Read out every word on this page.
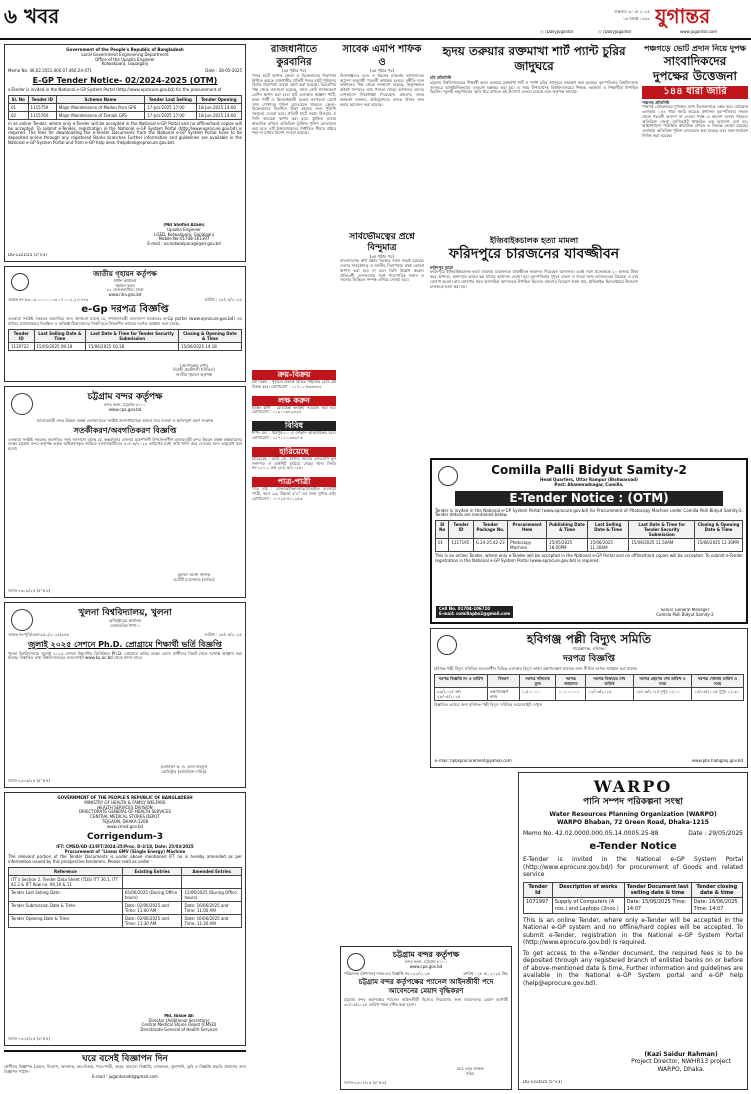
৬ খবর	শুক্রবার ৩০ মে ২০২৫
১৬ জ্যৈষ্ঠ ১৪৩২ যুগান্তর
ⓕ /DailyJugantor	ⓧ /DailyJugantor	www.jugantor.com
Government of the People's Republic of Bangladesh
Local Government Engineering Department
Office of the Upazila Engineer
Kotwalipara, Gopalganj
Memo No. 46.02.3551.000.07.466.24-471	Date : 28-05-2025
E-GP Tender Notice- 02/2024-2025 (OTM)
e-Tender is invited in the National e-GP System Portal (http://www.eprocure.gov.bd) for the procurement of
Sl. No	Tender ID	Scheme Name	Tender Last Selling	Tender Opening
01	1115759	Major Maintenance of Madon Para GPS	17-Jun-2025 17:00	18-Jun-2025 14:00
02	1115760	Major Maintenance of Tamaik GPS	17-Jun-2025 17:00	18-Jun-2025 14:00
in as online Tender, where only e-Tender will be accepted in the National e-GP Portal and no offline/hard copies will be accepted. To submit e-Tender, registration in the National e-GP System Portal (http://www.eprocure.gov.bd) is required. The fees for downloading the e-Tender Documents from the National e-GP System Portal have to be deposited online through any registered Banks branches Further information and guidelines are available in the National e-GP System Portal and from e-GP help desk (helpdesk@eprocure.gov.bd).
(Md Shofiul Azam)
Upazila Engineer
LGED, Kotwalipara, Gopalganj
Mobile No-01708-161397
E-mail : ue.kotwalipara@lged.gov.bd
DG-1321/25 (3"×3)
জাতীয় গৃহায়ন কর্তৃপক্ষ
প্রধান কার্যালয়
গৃহায়ন ভবন
৮২ সেগুনবাগিচা, ঢাকা
www.nha.gov.bd
স্মারক নং-৫৩.০৯.০০০০.০০৬.০৭.০০২.২২-৭৭৩	তারিখ : ২৮/০৫/২০২৫
e-Gp দরপত্র বিজ্ঞপ্তি
এতদ্বারা সংশ্লিষ্ট সকলের অবগতির জন্য জানানো যাচ্ছে যে, গণপ্রজাতন্ত্রী বাংলাদেশ সরকারের e-Gp portal (www.eprocure.gov.bd) এর মাধ্যমে যথাযথভাবে নিবন্ধিত ও অভিজ্ঞ ঠিকাদারদের নিকট হতে নিম্নবর্ণিত কাজের দরপত্র আহ্বান করা যাচ্ছে।
Tender ID	Last Selling Date & Time	Last Date & Time for Tender Security Submission	Closing & Opening Date & Time
1120722	15/05/2025 09:18	15/06/2025 10:18	15/06/2025 14:18
(আসাদুল্লাহ শেখ)
নির্বাহী প্রকৌশলী (সিভিল)
জাতীয় গৃহায়ন কর্তৃপক্ষ
চট্টগ্রাম বন্দর কর্তৃপক্ষ
বন্দর ভবন, চট্টগ্রাম-৪১০০
www.cpa.gov.bd
ম্যাতারবাড়ী বন্দর উন্নয়ন প্রকল্প এলাকা হতে সংশ্লিষ্ট জনসাধারণকে অন্যত্র সরে যাওয়া ও ক্ষতিপূরণ গ্রহণ সংক্রান্ত
সতর্কীকরণ/অবগতিকরণ বিজ্ঞপ্তি
এতদ্বারা সংশ্লিষ্ট সকলের অবগতির জন্য জানানো যাচ্ছে যে, কক্সবাজার জেলার মহেশখালী উপজেলাধীন মাতারবাড়ী বন্দর উন্নয়ন প্রকল্প বাস্তবায়নের লক্ষ্যে চট্টগ্রাম বন্দর কর্তৃপক্ষ কর্তৃক অধিগ্রহণকৃত জমিতে বসবাসকারীদের ৩০/০৬/২০২৫ তারিখের মধ্যে জমি খালি করে দেওয়ার জন্য অনুরোধ করা হলো।
মুহাম্মদ আলী সিদ্দিক
এস্টেট ম্যানেজার (অতিঃ)
ডিজি-২৩০৯/২৫ (৫"×৩)
খুলনা বিশ্ববিদ্যালয়, খুলনা
রেজিস্ট্রারের কার্যালয়
একাডেমিক শাখা-১
স্মারক নং-খুবি/একা-৯৫১/২০২৫/৯৪৬	তারিখ : ২৫/০৫/২০২৫
জুলাই ২০২৫ সেশনে Ph.D. প্রোগ্রামে শিক্ষার্থী ভর্তি বিজ্ঞপ্তি
খুলনা বিশ্ববিদ্যালয়ে জুলাই ২০২৫ সেশনে নিম্নবর্ণিত ডিসিপ্লিনে Ph.D. প্রোগ্রামে ভর্তির লক্ষ্যে যোগ্য প্রার্থীদের নিকট থেকে দরখাস্ত আহ্বান করা যাচ্ছে। বিস্তারিত তথ্য বিশ্ববিদ্যালয়ের ওয়েবসাইট www.ku.ac.bd থেকে জানা যাবে।
(মোহাম্মদ ছ. এ. আল মাহমুদ)
রেজিস্ট্রার (অতিরিক্ত দায়িত্ব)
ডিজি-২৩১৬/২৫ (৫"×৫)
GOVERNMENT OF THE PEOPLE'S REPUBLIC OF BANGLADESH
MINISTRY OF HEALTH & FAMILY WELFARE
HEALTH SERVICES DIVISION
DIRECTORATE GENERAL OF HEALTH SERVICES
CENTRAL MEDICAL STORES DEPOT
TEJGAON, DHAKA-1208
www.cmsd.gov.bd
Corrigendum-3
IFT: CMSD/GD-31/IFT/2024-25/Proc. D-3/18, Date: 25/03/2025
Procurement of "Linear 6MV (Single Energy) Machine
The relevant portion of the Tender Documents is under above mentioned IFT no is hereby amended as per information issued by this prospective tenderers. Please read as under -
Reference	Existing Entries	Amended Entries
ITT's Section 2. Tender Data Sheet (TDS) ITT 36.1, ITT 42.2 & IFT Row no. 09,10 & 11		
Tender Last Selling Date:	05/06/2025 (During Office hours)	15/06/2025 (During Office hours)
Tender Submission Date & Time:	Date: 02/06/2025 and Time: 11:00 AM	Date: 16/06/2025 and Time: 11:00 AM
Tender Opening Date & Time:	Date: 02/06/2025 and Time: 11:30 AM	Date: 16/06/2025 and Time: 11:30 AM
Md. Ibaue Ali
Director (Additional Secretary)
Central Medical Stores Depot (CMSD)
Directorate General of Health Services
ডিজি-১৩১৪/২৫ (৩"×৫)
ঘরে বসেই বিজ্ঞাপন দিন
শ্রেণীবদ্ধ বিজ্ঞাপন (যেমন, নিয়োগ, আবশ্যক, ক্রয়-বিক্রয়, পাত্র-পাত্রী, ভাড়া, হারানো বিজ্ঞপ্তি, শোকসভা, কুলখানি, কুরি ও বিজ্ঞপ্তি প্রভৃতি প্রকাশের জন্য বিজ্ঞাপন পাঠান।
E-mail : jugantoradd@gmail.com
রাজধানীতে কুরবানির
(৩য় পৃষ্ঠার পর)
পশুর হাটে আগত ক্রেতা ও বিক্রেতাদের নিরাপত্তা নিশ্চিত করতে রাজধানীর প্রতিটি পশুর হাটে পুলিশের বিশেষ নিরাপত্তা ব্যবস্থা গ্রহণ করা হয়েছে। ডিএমপির পক্ষ থেকে জানানো হয়েছে, জাল নোট শনাক্তকরণ মেশিন স্থাপন করা হবে। হাট এলাকায় অজ্ঞান পার্টি, মলম পার্টি ও ছিনতাইকারী চক্রের তৎপরতা রোধে সাদা পোশাকে পুলিশ মোতায়েন থাকবে। ক্রেতা-বিক্রেতাদের নিরাপদে টাকা বহনের জন্য পুলিশি সহায়তা দেওয়া হবে। প্রতিটি হাটে ওয়াচ টাওয়ার ও সিসি ক্যামেরা স্থাপন করা হবে। ট্রাফিক ব্যবস্থা স্বাভাবিক রাখতে অতিরিক্ত ট্রাফিক পুলিশ মোতায়েন করা হবে। হাট ইজারাদারদের নির্ধারিত সীমার বাইরে পশু না রাখার নির্দেশ দেওয়া হয়েছে।
সাবেক এমপি শফিক ও
(৩য় পৃষ্ঠার পর)
বিশেষজ্ঞদের মতে এ ধরনের মামলায় আদালতের আদেশ অনুযায়ী পরবর্তী কার্যক্রম চলবে। দুর্নীতি দমন কমিশনের পক্ষ থেকে জানানো হয়েছে, অনুসন্ধানে অবৈধ সম্পদের তথ্য পাওয়া গেছে। আদালত তাদের দেশত্যাগে নিষেধাজ্ঞা দিয়েছেন। মামলার তদন্ত কর্মকর্তা জানান, অভিযুক্তদের ব্যাংক হিসাব জব্দ করার আবেদন করা হয়েছে।
সার্বভৌমত্বের প্রশ্নে বিন্দুমাত্র
(৩য় পৃষ্ঠার পর)
বাংলাদেশের স্বার্থ রক্ষায় সরকার সর্বদা সচেষ্ট রয়েছে। দেশের সার্বভৌমত্ব ও জাতীয় নিরাপত্তার প্রশ্নে কোনো আপস করা হবে না বলে তিনি উল্লেখ করেন। প্রতিবেশী দেশগুলোর সঙ্গে পারস্পরিক সম্মান ও সমতার ভিত্তিতে সম্পর্ক এগিয়ে নেওয়া হবে।
ক্রয়-বিক্রয়
প্লট বিক্রয় : পূর্বাচল প্রকল্পে বিভিন্ন সাইজের রেডি প্লট বিক্রয় হবে। যোগাযোগ : ০১৭১১-৫৬৩৪৬২
লক্ষ করুন
মিক্সিং প্লান্ট : রেডিমিক্স কংক্রিট সরবরাহ করা হয়। যোগাযোগ : ০১৯১১৩৪২৬২৩
বিবিধ
শপিং মল : মিরপুর-১০ এ দোকান ভাড়া/বিক্রয় হবে। যোগাযোগ : ০১৭১১-০৩৩২৭৩
হারিয়েছে
হারিয়েছে : আমি মো. হাসান, আমার এসএসসি মূল সনদপত্র ও মার্কশিট হারিয়ে গেছে। থানা জিডি নং-১২১০, তাং ২৮/০৫/২০২৫।
পাত্র-পাত্রী
পাত্র চাই : ডাক্তার/ইঞ্জিনিয়ার/প্রতিষ্ঠিত ব্যবসায়ী পাত্রী, বয়স ২৬, উচ্চতা ৫'৪" এর জন্য সুপাত্র চাই। যোগাযোগ : ০১৭২৪-৪১১২৫৬
চট্টগ্রাম বন্দর কর্তৃপক্ষ
বন্দর ভবন, চট্টগ্রাম-৪১০০
www.cpa.gov.bd
পরিচালক (প্রশাসন) দপ্তর-এর বিজ্ঞপ্তি নং-১২২/২০২৫	তারিখ : ২৮ মে, ২০২৫ খ্রিঃ
চট্টগ্রাম বন্দর কর্তৃপক্ষের প্যানেল আইনজীবী পদে আবেদনের মেয়াদ বৃদ্ধিকরণ
চট্টগ্রাম বন্দর কর্তৃপক্ষের প্যানেল আইনজীবী হিসেবে নিয়োগের জন্য আবেদনের মেয়াদ আগামী ৩০/০৬/২০২৫ তারিখ পর্যন্ত বর্ধিত করা হলো।
মোঃ ওমর ফারুক
সচিব
ডিজি-২৩০৭/২৫ (৩"×৩)
হৃদয় তরুয়ার রক্তমাখা শার্ট প্যান্ট চুরির জাদুঘরে
চবি প্রতিনিধি
চট্টগ্রাম বিশ্ববিদ্যালয়ের শিক্ষার্থী হৃদয় তরুয়ার রক্তমাখা শার্ট ও প্যান্ট চবির জাদুঘরে সংরক্ষণ করা হয়েছে। বৃহস্পতিবার বিশ্ববিদ্যালয় জাদুঘরে আনুষ্ঠানিকভাবে এগুলো হস্তান্তর করা হয়। এ সময় উপাচার্যসহ বিশ্ববিদ্যালয়ের শিক্ষক, কর্মকর্তা ও শিক্ষার্থীরা উপস্থিত ছিলেন। জুলাই অভ্যুত্থানের স্মৃতি ধরে রাখতে এই উদ্যোগ নেওয়া হয়েছে বলে কর্তৃপক্ষ জানায়।
ইজিবাইকচালক হত্যা মামলা
ফরিদপুরে চারজনের যাবজ্জীবন
ফরিদপুর ব্যুরো
ফরিদপুরে ইজিবাইকচালক হত্যা মামলায় চারজনকে যাবজ্জীবন কারাদণ্ড দিয়েছেন আদালত। একই সঙ্গে প্রত্যেককে ২০ হাজার টাকা করে অর্থদণ্ড, অনাদায়ে আরও ছয় মাসের কারাদণ্ড দেওয়া হয়। বৃহস্পতিবার দুপুরে জেলা ও দায়রা জজ আদালতের বিচারক এ রায় ঘোষণা করেন। রায় ঘোষণার সময় আসামিরা আদালতে উপস্থিত ছিলেন। মামলার বিবরণে জানা যায়, ইজিবাইক ছিনতাইয়ের উদ্দেশ্যে চালককে হত্যা করা হয়।
Comilla Palli Bidyut Samity-2
Head Quarters, Uttar Rampur (Bishwaroad)
Post: Ahammadnagar, Cumilla.
E-Tender Notice : (OTM)
Tender is invited in the National e-GP System Portal (www.eprocure.gov.bd) for Procurement of Photocopy Machine under Comilla Palli Bidyut Samity-2. Tender details are mentioned below.
Sl No	Tender ID	Tender Package No.	Procurement Item	Publishing Date & Time	Last Selling Date & Time	Last Date & Time for Tender Security Submission	Closing & Opening Date & Time
01	1117195	G.24-25.42-23	Photocopy Machine	25/05/2025 18.00PM	15/06/2025 11.30AM	15/06/2025 11.50AM	15/06/2025 12.30PM
This is an online Tender, where only e-Tender will be accepted in the National e-GP Portal and no offline/hard copies will be accepted. To submit e-Tender registration in the National e-GP System Portal (www.eprocure.gov.bd) is required.
Cell No. 01704-106710
E-mail: comillapbs2@gmail.com
Senior General Manager
Comilla Palli Bidyut Samity-2
হবিগঞ্জ পল্লী বিদ্যুৎ সমিতি
শায়েস্তাগঞ্জ, হবিগঞ্জ।
দরপত্র বিজ্ঞপ্তি
হবিগঞ্জ পল্লী বিদ্যুৎ সমিতির আওতাধীন বিভিন্ন এলাকায় বিদ্যুৎ লাইন রক্ষণাবেক্ষণ কাজের জন্য সীমিত দরপত্র আহ্বান করা যাচ্ছে।
দরপত্র বিজ্ঞপ্তি নং ও তারিখ	বিবরণ	দরপত্র দলিলের মূল্য	দরপত্র জামানত	দরপত্র বিক্রয়ের শেষ তারিখ	দরপত্র গ্রহণের শেষ তারিখ ও সময়	দরপত্র খোলার তারিখ ও সময়
৯৯/২০২৫ তাং ২৮/০৫/২০২৫	রক্ষণাবেক্ষণ কাজ	১,৫০০.০০	১০,০০০.০০	১২/০৬/২০২৫	১৫/০৬/২০২৫ দুপুর ১২:০০	১৫/০৬/২০২৫ দুপুর ১২:৩০
বিস্তারিত তথ্যের জন্য হবিগঞ্জ পল্লী বিদ্যুৎ সমিতির ওয়েবসাইট দেখুন।
E-mail: hpbsprocurement@yahoo.com	www.pbs.habiganj.gov.bd
WARPO
পানি সম্পদ পরিকল্পনা সংস্থা
Water Resources Planning Organization (WARPO)
WARPO Bhaban, 72 Green Road, Dhaka-1215
Memo No. 42.02.0000.000.05.14.0005.25-88	Date : 29/05/2025
e-Tender Notice
E-Tender is invited in the National e-GP System Portal (http://www.eprocure.gov.bd/) for procurement of Goods and related service
Tender Id	Description of works	Tender Document last selling date & time	Tender closing date & time
1071997	Supply of Computers (4 nos.) and Laptops (2nos.)	Date: 15/06/2025 Time: 14:07	Date: 16/06/2025 Time: 14:07
This is an online Tender, where only e-Tender will be accepted in the National e-GP system and no offline/hard copies will be accepted. To submit e-Tender, registration in the National e-GP System Portal (http://www.eprocure.gov.bd) is required.
To get access to the e-Tender document, the required fees is to be deposited through any registered branch of enlisted banks on or before of above-mentioned date & time, Further information and guidelines are available in the National e-GP System portal and e-GP help (help@eprocure.gov.bd).
(Kazi Saidur Rahman)
Project Director, NWHR13 project
WARPO, Dhaka.
DG-1314/25 (5"×3)
পঞ্চগড়ে ভোট প্রদান নিয়ে দুপক্ষ
সাংবাদিকদের
দুপক্ষের উত্তেজনা
১৪৪ ধারা জারি
পঞ্চগড় প্রতিনিধি
পঞ্চগড় প্রেসক্লাবের দুপক্ষের মধ্যে উত্তেজনাকে কেন্দ্র করে প্রেসক্লাব এলাকায় ১৪৪ ধারা জারি করেছে প্রশাসন। বৃহস্পতিবার সকাল থেকে পরবর্তী আদেশ না দেওয়া পর্যন্ত এ আদেশ বলবৎ থাকবে। অতিরিক্ত জেলা ম্যাজিস্ট্রেট স্বাক্ষরিত এক আদেশে বলা হয়, আইনশৃঙ্খলা পরিস্থিতি স্বাভাবিক রাখতে এ সিদ্ধান্ত নেওয়া হয়েছে। এলাকায় অতিরিক্ত পুলিশ মোতায়েন করা হয়েছে এবং সভা-সমাবেশ নিষিদ্ধ করা হয়েছে।
